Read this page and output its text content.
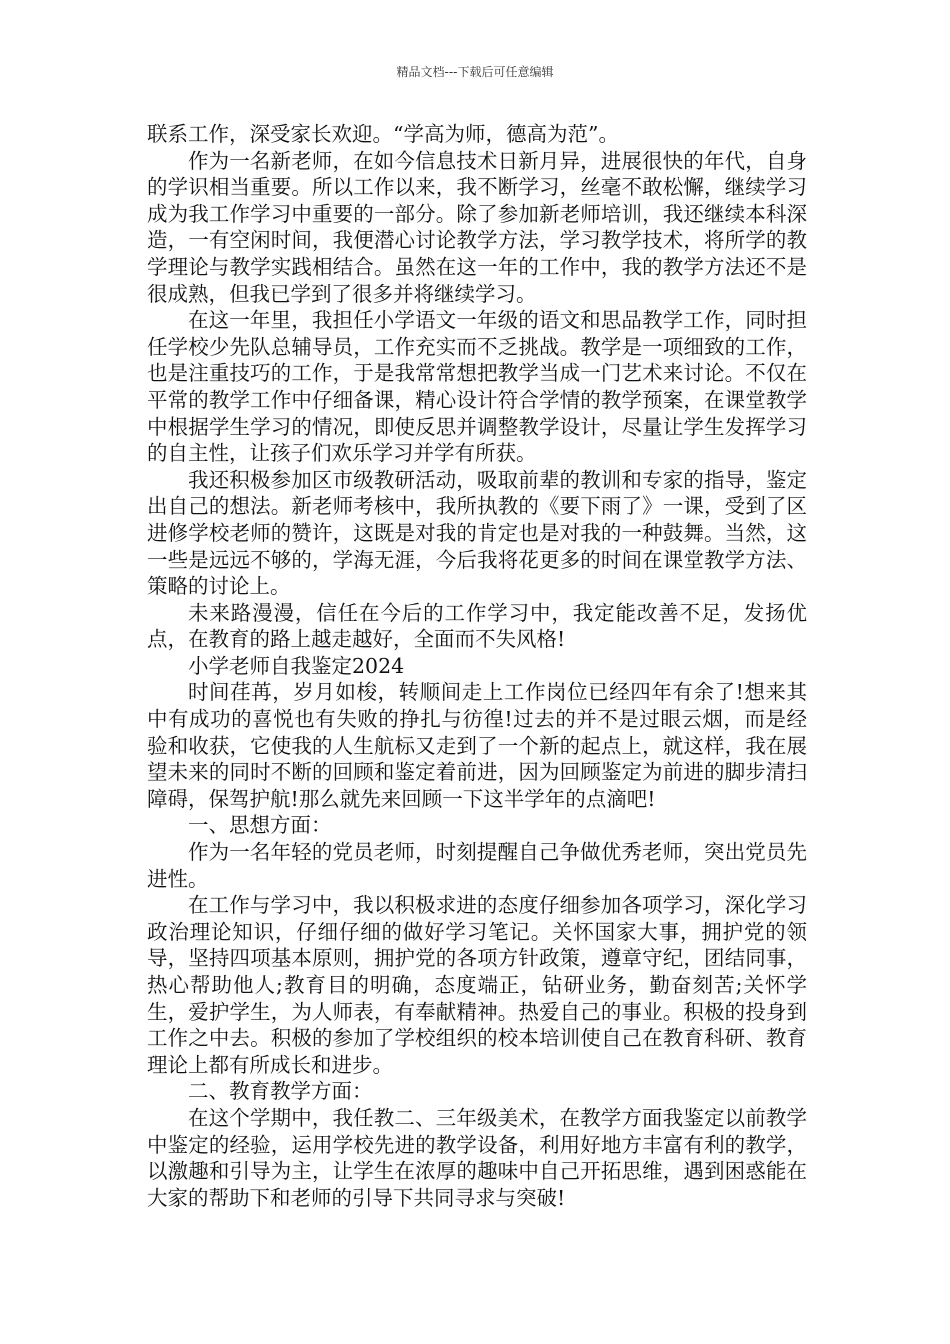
精品文档---下载后可任意编辑

联系工作，深受家长欢迎。“学高为师，德高为范”。

作为一名新老师，在如今信息技术日新月异，进展很快的年代，自身的学识相当重要。所以工作以来，我不断学习，丝毫不敢松懈，继续学习成为我工作学习中重要的一部分。除了参加新老师培训，我还继续本科深造，一有空闲时间，我便潜心讨论教学方法，学习教学技术，将所学的教学理论与教学实践相结合。虽然在这一年的工作中，我的教学方法还不是很成熟，但我已学到了很多并将继续学习。

在这一年里，我担任小学语文一年级的语文和思品教学工作，同时担任学校少先队总辅导员，工作充实而不乏挑战。教学是一项细致的工作，也是注重技巧的工作，于是我常常想把教学当成一门艺术来讨论。不仅在平常的教学工作中仔细备课，精心设计符合学情的教学预案，在课堂教学中根据学生学习的情况，即使反思并调整教学设计，尽量让学生发挥学习的自主性，让孩子们欢乐学习并学有所获。

我还积极参加区市级教研活动，吸取前辈的教训和专家的指导，鉴定出自己的想法。新老师考核中，我所执教的《要下雨了》一课，受到了区进修学校老师的赞许，这既是对我的肯定也是对我的一种鼓舞。当然，这一些是远远不够的，学海无涯，今后我将花更多的时间在课堂教学方法、策略的讨论上。

未来路漫漫，信任在今后的工作学习中，我定能改善不足，发扬优点，在教育的路上越走越好，全面而不失风格!

小学老师自我鉴定2024

时间荏苒，岁月如梭，转顺间走上工作岗位已经四年有余了!想来其中有成功的喜悦也有失败的挣扎与彷徨!过去的并不是过眼云烟，而是经验和收获，它使我的人生航标又走到了一个新的起点上，就这样，我在展望未来的同时不断的回顾和鉴定着前进，因为回顾鉴定为前进的脚步清扫障碍，保驾护航!那么就先来回顾一下这半学年的点滴吧!

一、思想方面：

作为一名年轻的党员老师，时刻提醒自己争做优秀老师，突出党员先进性。

在工作与学习中，我以积极求进的态度仔细参加各项学习，深化学习政治理论知识，仔细仔细的做好学习笔记。关怀国家大事，拥护党的领导，坚持四项基本原则，拥护党的各项方针政策，遵章守纪，团结同事，热心帮助他人;教育目的明确，态度端正，钻研业务，勤奋刻苦;关怀学生，爱护学生，为人师表，有奉献精神。热爱自己的事业。积极的投身到工作之中去。积极的参加了学校组织的校本培训使自己在教育科研、教育理论上都有所成长和进步。

二、教育教学方面：

在这个学期中，我任教二、三年级美术，在教学方面我鉴定以前教学中鉴定的经验，运用学校先进的教学设备，利用好地方丰富有利的教学，以激趣和引导为主，让学生在浓厚的趣味中自己开拓思维，遇到困惑能在大家的帮助下和老师的引导下共同寻求与突破!
